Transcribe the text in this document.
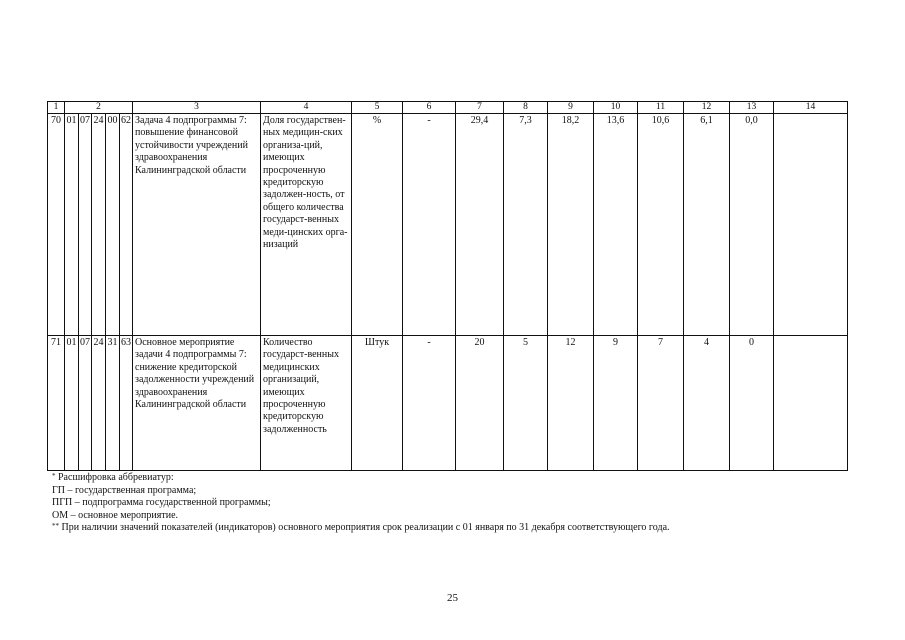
1	2					3	4	5	6	7	8	9	10	11	12	13	14
70	01	07	24	00	62	Задача 4 подпрограммы 7: повышение финансовой устойчивости учреждений здравоохранения Калининградской области	Доля государствен-ных медицин-ских организа-ций, имеющих просроченную кредиторскую задолжен-ность, от общего количества государст-венных меди-цинских орга-низаций	%	-	29,4	7,3	18,2	13,6	10,6	6,1	0,0	
71	01	07	24	31	63	Основное мероприятие задачи 4 подпрограммы 7: снижение кредиторской задолженности учреждений здравоохранения Калининградской области	Количество государст-венных медицинских организаций, имеющих просроченную кредиторскую задолженность	Штук	-	20	5	12	9	7	4	0	
* Расшифровка аббревиатур:
ГП – государственная программа;
ПГП – подпрограмма государственной программы;
ОМ – основное мероприятие.
** При наличии значений показателей (индикаторов) основного мероприятия срок реализации с 01 января по 31 декабря соответствующего года.
25
